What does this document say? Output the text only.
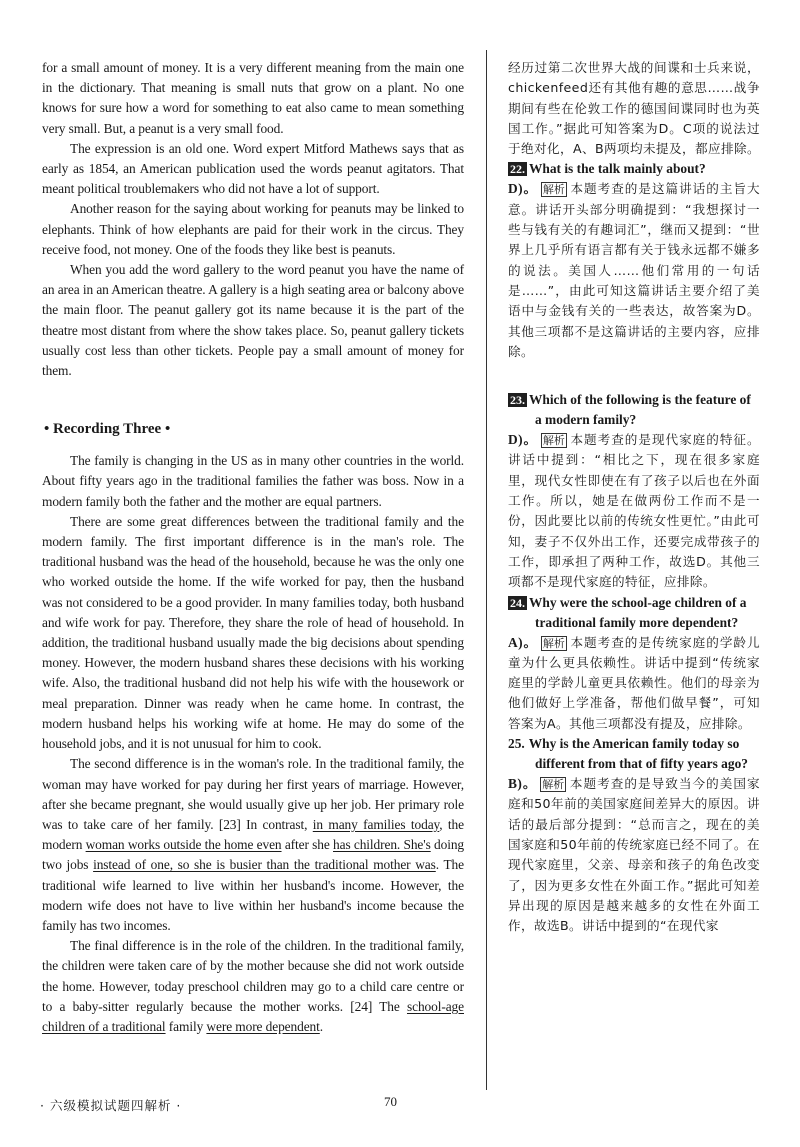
for a small amount of money. It is a very different meaning from the main one in the dictionary. That meaning is small nuts that grow on a plant. No one knows for sure how a word for something to eat also came to mean something very small. But, a peanut is a very small food.

The expression is an old one. Word expert Mitford Mathews says that as early as 1854, an American publication used the words peanut agitators. That meant political troublemakers who did not have a lot of support.

Another reason for the saying about working for peanuts may be linked to elephants. Think of how elephants are paid for their work in the circus. They receive food, not money. One of the foods they like best is peanuts.

When you add the word gallery to the word peanut you have the name of an area in an American theatre. A gallery is a high seating area or balcony above the main floor. The peanut gallery got its name because it is the part of the theatre most distant from where the show takes place. So, peanut gallery tickets usually cost less than other tickets. People pay a small amount of money for them.

• Recording Three •

The family is changing in the US as in many other countries in the world. About fifty years ago in the traditional families the father was boss. Now in a modern family both the father and the mother are equal partners.

There are some great differences between the traditional family and the modern family. The first important difference is in the man's role. The traditional husband was the head of the household, because he was the only one who worked outside the home. If the wife worked for pay, then the husband was not considered to be a good provider. In many families today, both husband and wife work for pay. Therefore, they share the role of head of household. In addition, the traditional husband usually made the big decisions about spending money. However, the modern husband shares these decisions with his working wife. Also, the traditional husband did not help his wife with the housework or meal preparation. Dinner was ready when he came home. In contrast, the modern husband helps his working wife at home. He may do some of the household jobs, and it is not unusual for him to cook.

The second difference is in the woman's role. In the traditional family, the woman may have worked for pay during her first years of marriage. However, after she became pregnant, she would usually give up her job. Her primary role was to take care of her family. [23] In contrast, in many families today, the modern woman works outside the home even after she has children. She's doing two jobs instead of one, so she is busier than the traditional mother was. The traditional wife learned to live within her husband's income. However, the modern wife does not have to live within her husband's income because the family has two incomes.

The final difference is in the role of the children. In the traditional family, the children were taken care of by the mother because she did not work outside the home. However, today preschool children may go to a child care centre or to a baby-sitter regularly because the mother works. [24] The school-age children of a traditional family were more dependent.

经历过第二次世界大战的间谍和士兵来说，chickenfeed还有其他有趣的意思……战争期间有些在伦敦工作的德国间谍同时也为英国工作。”据此可知答案为D。C项的说法过于绝对化，A、B两项均未提及，都应排除。

22. What is the talk mainly about?

D)。 解析 本题考查的是这篇讲话的主旨大意。讲话开头部分明确提到：“我想探讨一些与钱有关的有趣词汇”，继而又提到：“世界上几乎所有语言都有关于钱永远都不嫌多的说法。美国人……他们常用的一句话是……”，由此可知这篇讲话主要介绍了美语中与金钱有关的一些表达，故答案为D。其他三项都不是这篇讲话的主要内容，应排除。

23. Which of the following is the feature of a modern family?

D)。 解析 本题考查的是现代家庭的特征。讲话中提到：“相比之下，现在很多家庭里，现代女性即使在有了孩子以后也在外面工作。所以，她是在做两份工作而不是一份，因此要比以前的传统女性更忙。”由此可知，妻子不仅外出工作，还要完成带孩子的工作，即承担了两种工作，故选D。其他三项都不是现代家庭的特征，应排除。

24. Why were the school-age children of a traditional family more dependent?

A)。 解析 本题考查的是传统家庭的学龄儿童为什么更具依赖性。讲话中提到“传统家庭里的学龄儿童更具依赖性。他们的母亲为他们做好上学准备，帮他们做早餐”，可知答案为A。其他三项都没有提及，应排除。

25. Why is the American family today so different from that of fifty years ago?

B)。 解析 本题考查的是导致当今的美国家庭和50年前的美国家庭间差异大的原因。讲话的最后部分提到：“总而言之，现在的美国家庭和50年前的传统家庭已经不同了。在现代家庭里，父亲、母亲和孩子的角色改变了，因为更多女性在外面工作。”据此可知差异出现的原因是越来越多的女性在外面工作，故选B。讲话中提到的“在现代家

· 六级模拟试题四解析 ·	70
